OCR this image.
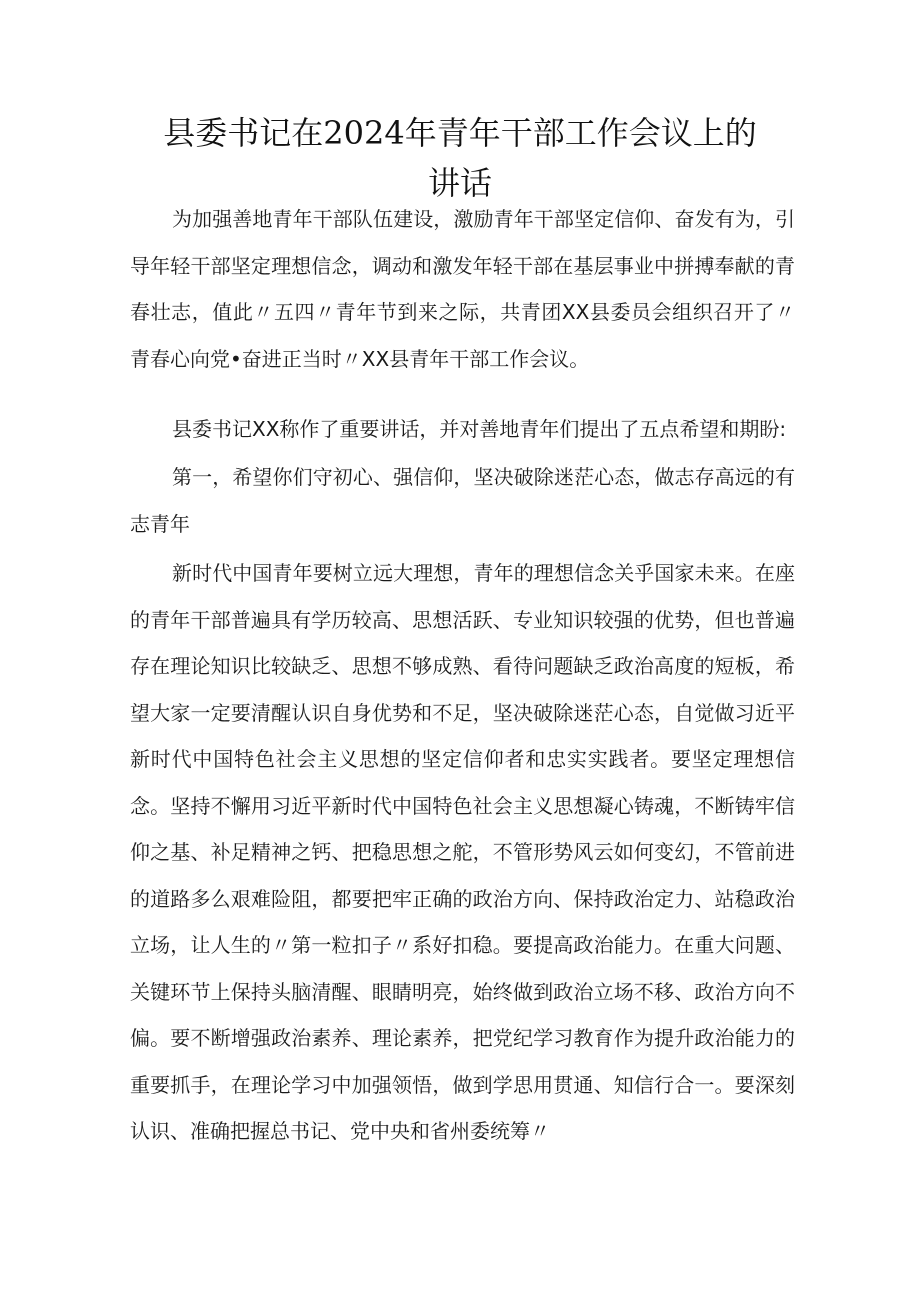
县委书记在2024年青年干部工作会议上的
讲话

为加强善地青年干部队伍建设，激励青年干部坚定信仰、奋发有为，引导年轻干部坚定理想信念，调动和激发年轻干部在基层事业中拼搏奉献的青春壮志，值此〃五四〃青年节到来之际，共青团XX县委员会组织召开了〃青春心向党•奋进正当时〃XX县青年干部工作会议。

县委书记XX称作了重要讲话，并对善地青年们提出了五点希望和期盼:

第一，希望你们守初心、强信仰，坚决破除迷茫心态，做志存高远的有志青年

新时代中国青年要树立远大理想，青年的理想信念关乎国家未来。在座的青年干部普遍具有学历较高、思想活跃、专业知识较强的优势，但也普遍存在理论知识比较缺乏、思想不够成熟、看待问题缺乏政治高度的短板，希望大家一定要清醒认识自身优势和不足，坚决破除迷茫心态，自觉做习近平新时代中国特色社会主义思想的坚定信仰者和忠实实践者。要坚定理想信念。坚持不懈用习近平新时代中国特色社会主义思想凝心铸魂，不断铸牢信仰之基、补足精神之钙、把稳思想之舵，不管形势风云如何变幻，不管前进的道路多么艰难险阻，都要把牢正确的政治方向、保持政治定力、站稳政治立场，让人生的〃第一粒扣子〃系好扣稳。要提高政治能力。在重大问题、关键环节上保持头脑清醒、眼睛明亮，始终做到政治立场不移、政治方向不偏。要不断增强政治素养、理论素养，把党纪学习教育作为提升政治能力的重要抓手，在理论学习中加强领悟，做到学思用贯通、知信行合一。要深刻认识、准确把握总书记、党中央和省州委统筹〃
